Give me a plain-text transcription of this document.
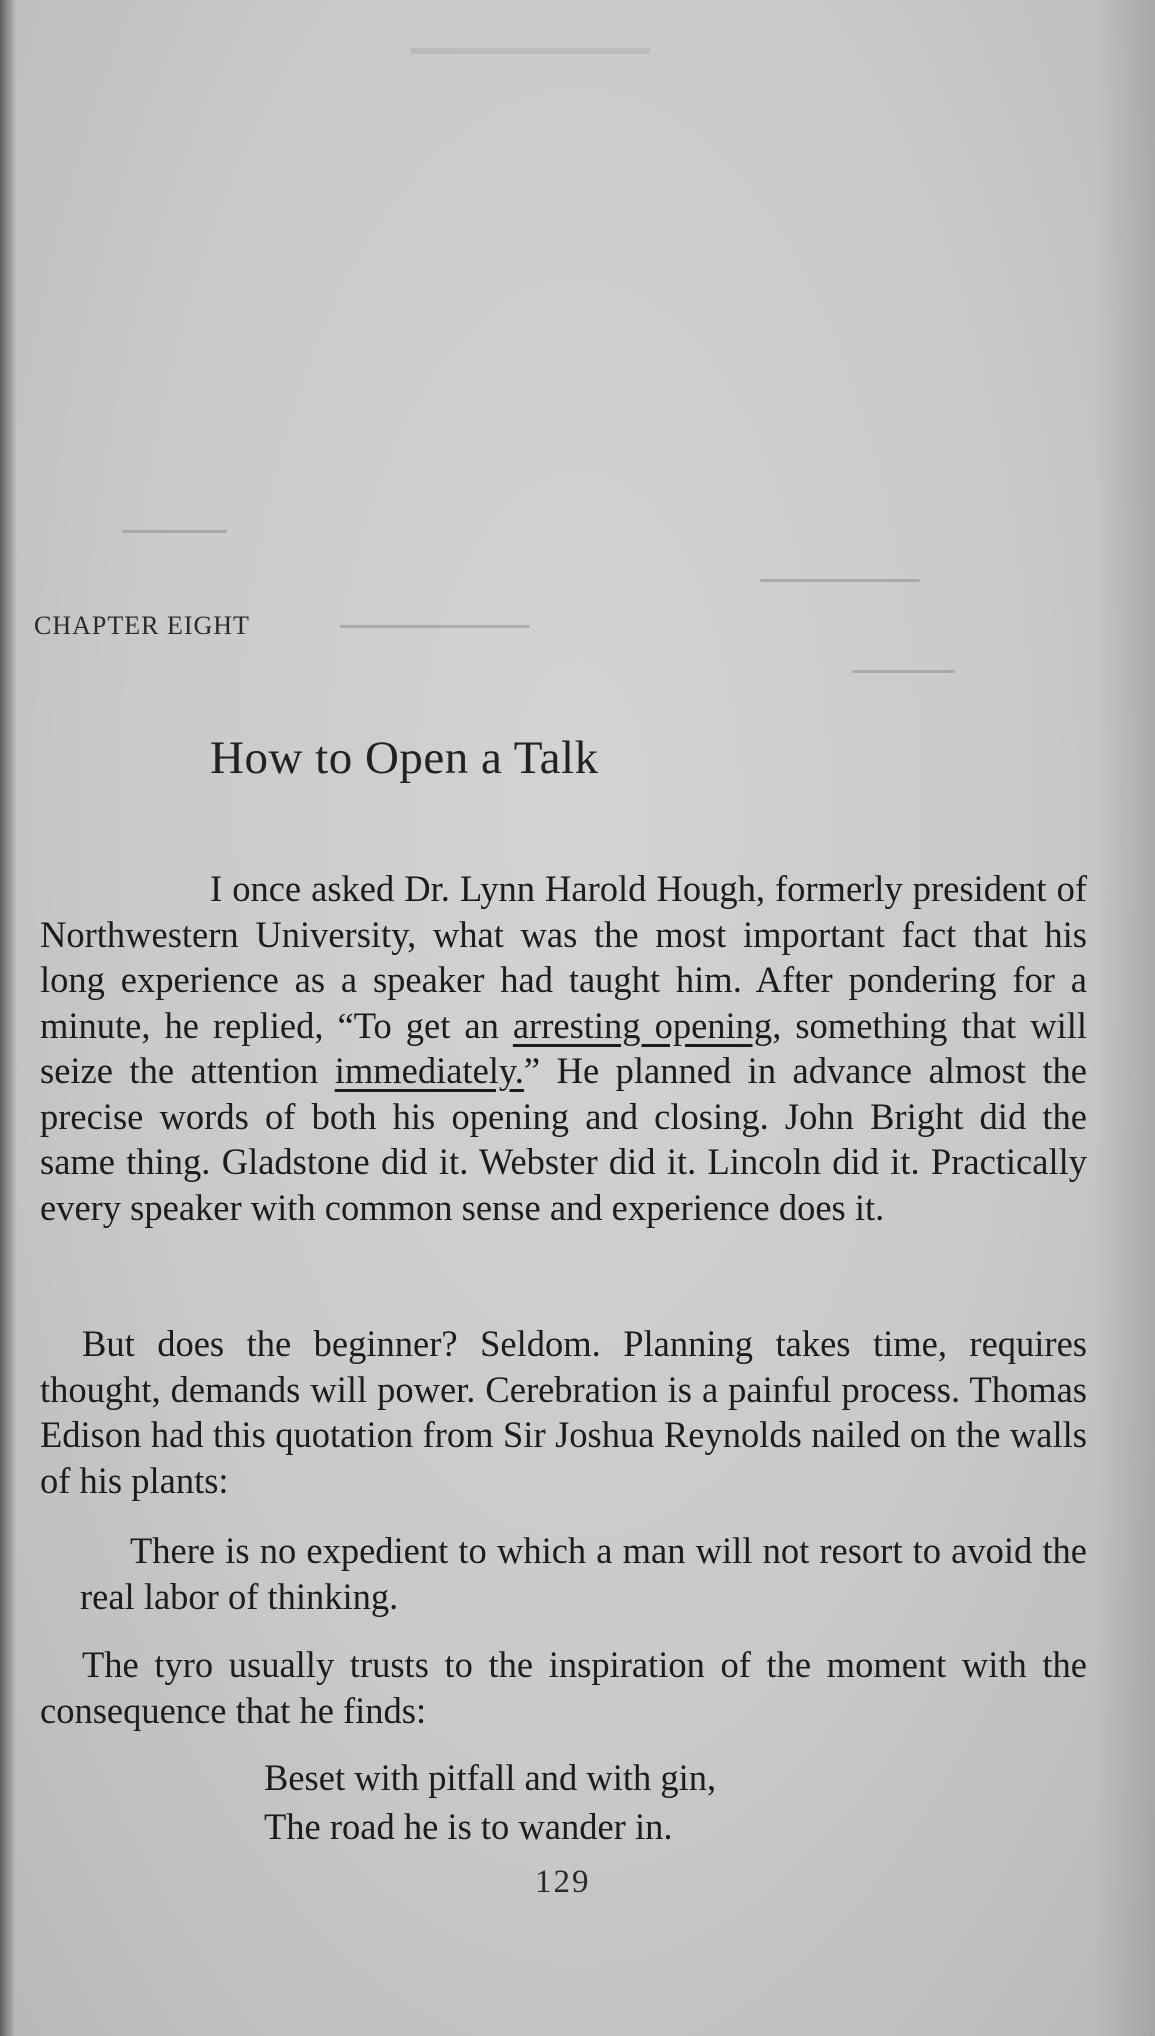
CHAPTER EIGHT
How to Open a Talk
I once asked Dr. Lynn Harold Hough, formerly president of Northwestern University, what was the most important fact that his long experience as a speaker had taught him. After pondering for a minute, he replied, “To get an arresting opening, something that will seize the attention immediately.” He planned in advance almost the precise words of both his opening and closing. John Bright did the same thing. Gladstone did it. Webster did it. Lincoln did it. Practically every speaker with common sense and experience does it.
But does the beginner? Seldom. Planning takes time, requires thought, demands will power. Cerebration is a painful process. Thomas Edison had this quotation from Sir Joshua Reynolds nailed on the walls of his plants:
There is no expedient to which a man will not resort to avoid the real labor of thinking.
The tyro usually trusts to the inspiration of the moment with the consequence that he finds:
Beset with pitfall and with gin,
The road he is to wander in.
129
